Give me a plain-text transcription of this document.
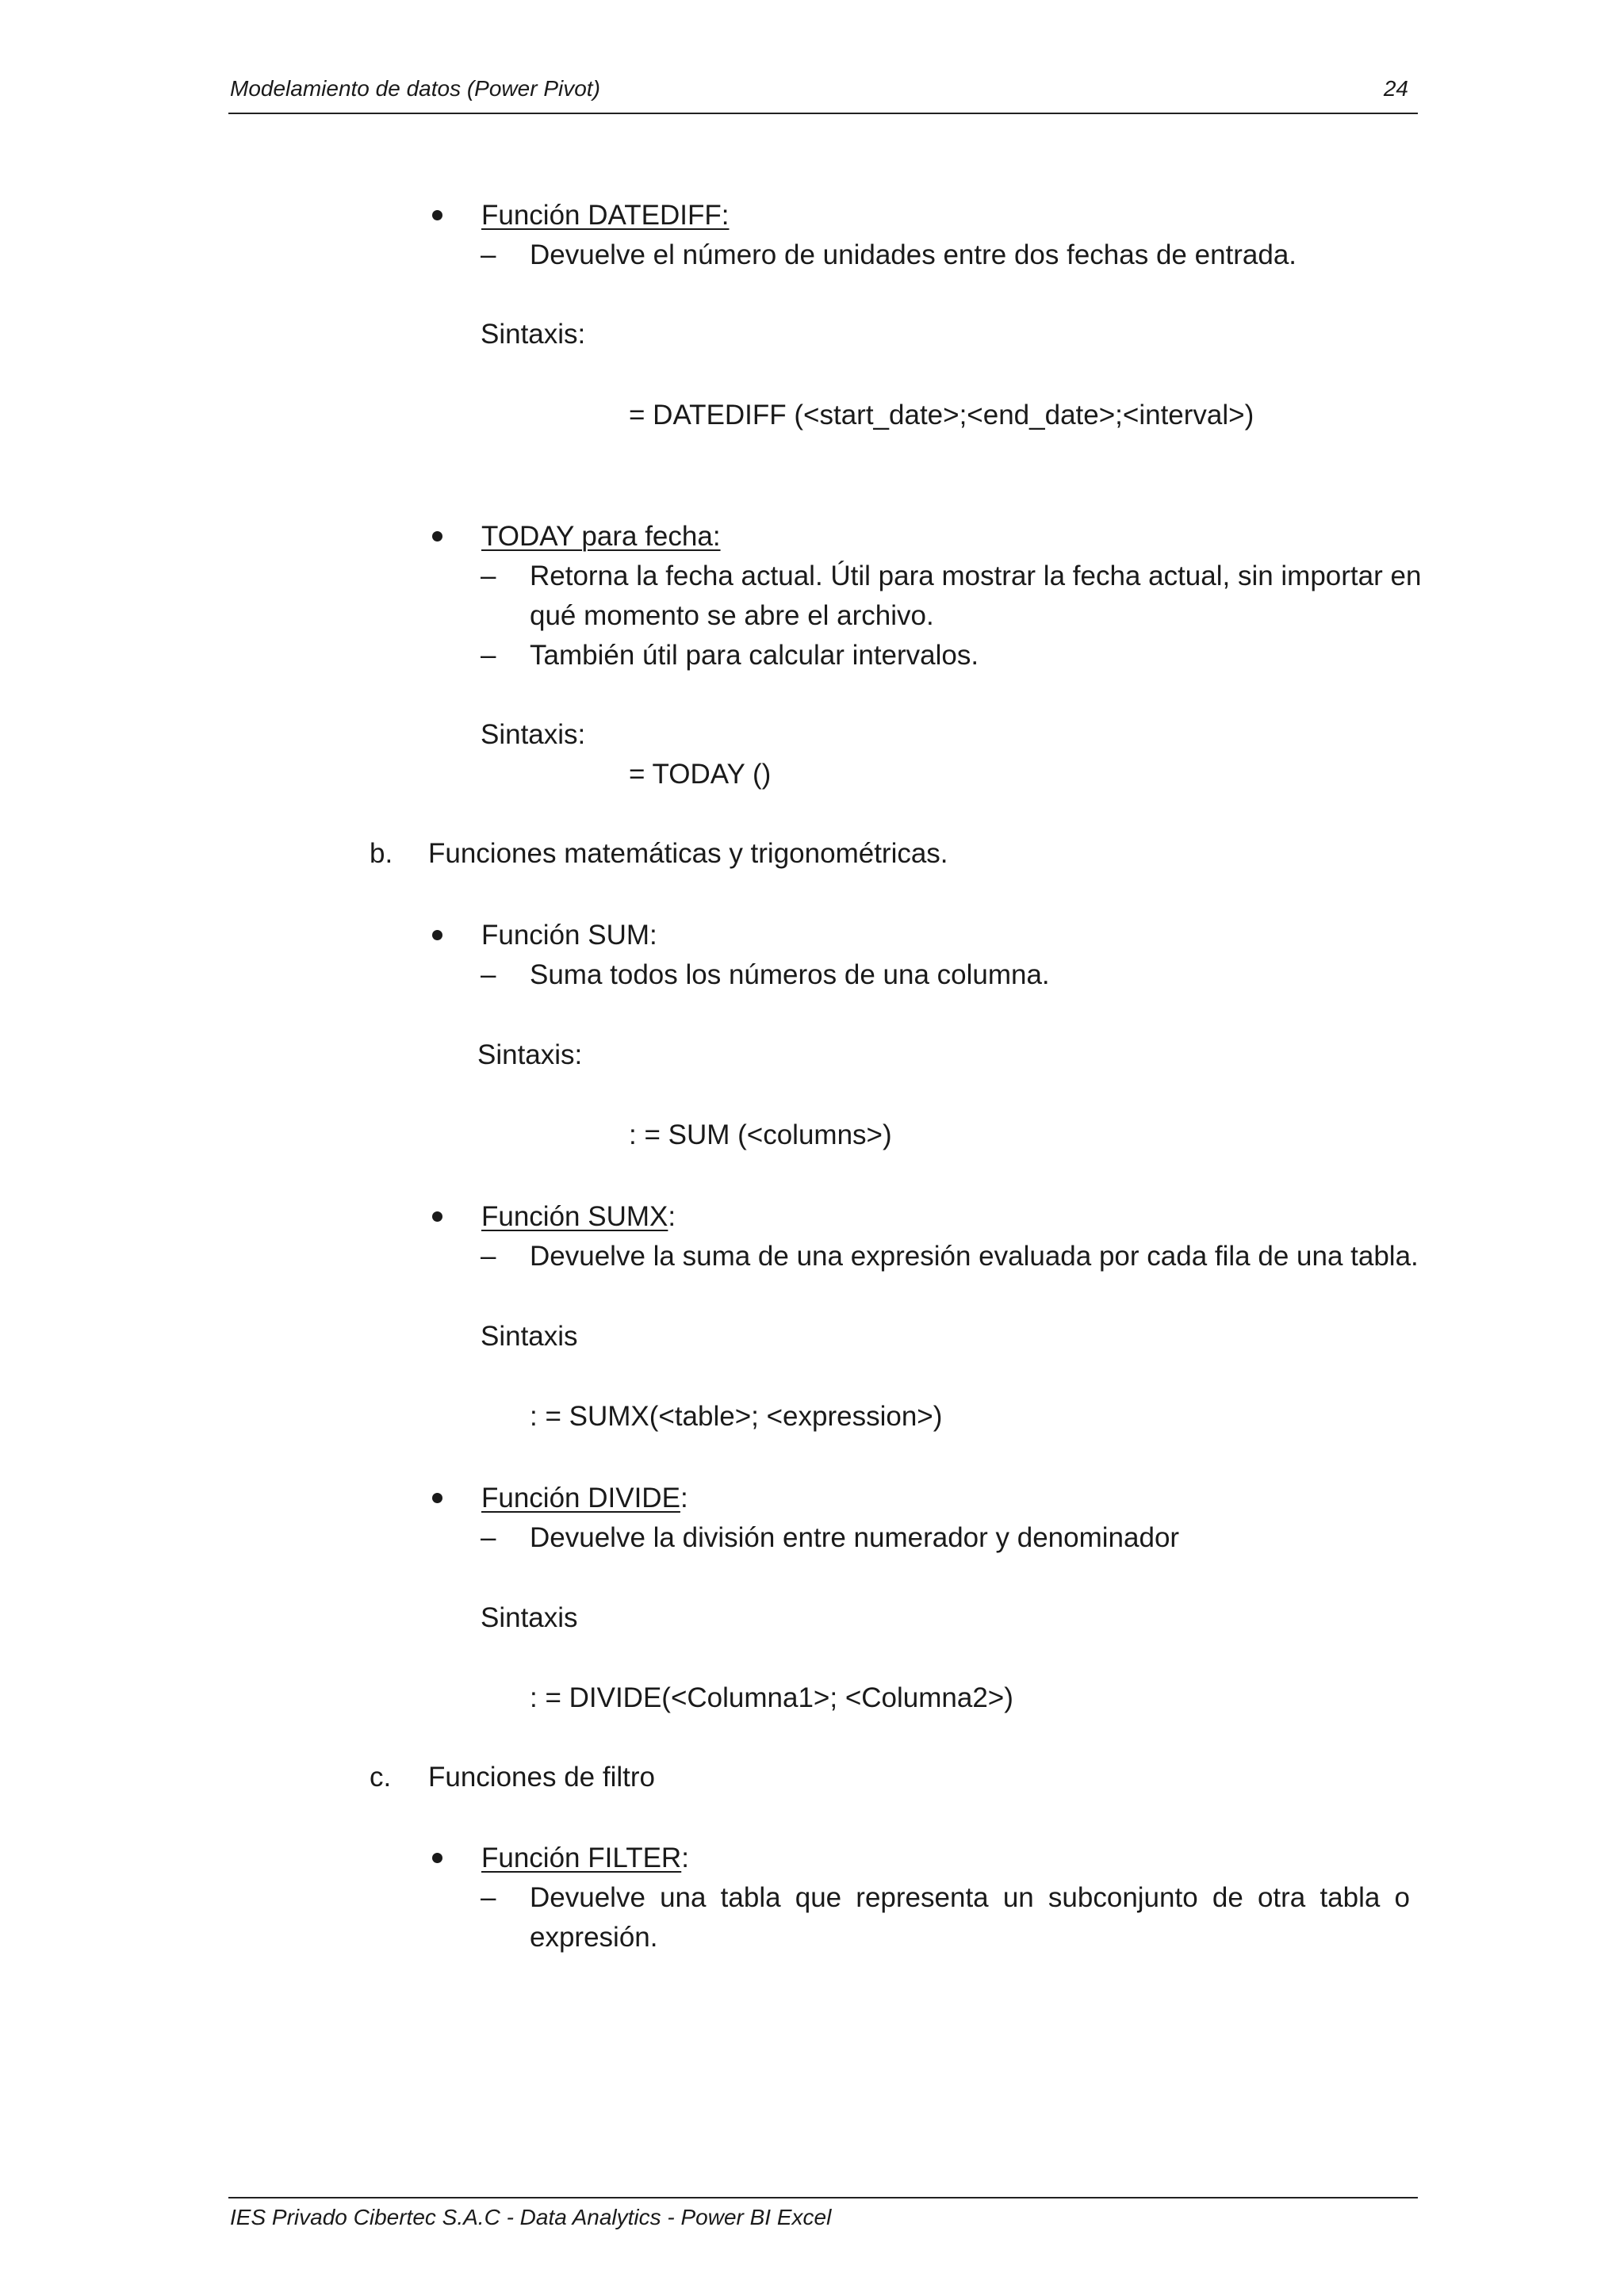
Modelamiento de datos (Power Pivot)	24
Función DATEDIFF:
– Devuelve el número de unidades entre dos fechas de entrada.
Sintaxis:
= DATEDIFF (<start_date>;<end_date>;<interval>)
TODAY para fecha:
– Retorna la fecha actual. Útil para mostrar la fecha actual, sin importar en
qué momento se abre el archivo.
– También útil para calcular intervalos.
Sintaxis:
= TODAY ()
b. Funciones matemáticas y trigonométricas.
Función SUM:
– Suma todos los números de una columna.
Sintaxis:
: = SUM (<columns>)
Función SUMX:
– Devuelve la suma de una expresión evaluada por cada fila de una tabla.
Sintaxis
: = SUMX(<table>; <expression>)
Función DIVIDE:
– Devuelve la división entre numerador y denominador
Sintaxis
: = DIVIDE(<Columna1>; <Columna2>)
c. Funciones de filtro
Función FILTER:
– Devuelve una tabla que representa un subconjunto de otra tabla o
expresión.
IES Privado Cibertec S.A.C - Data Analytics - Power BI Excel
